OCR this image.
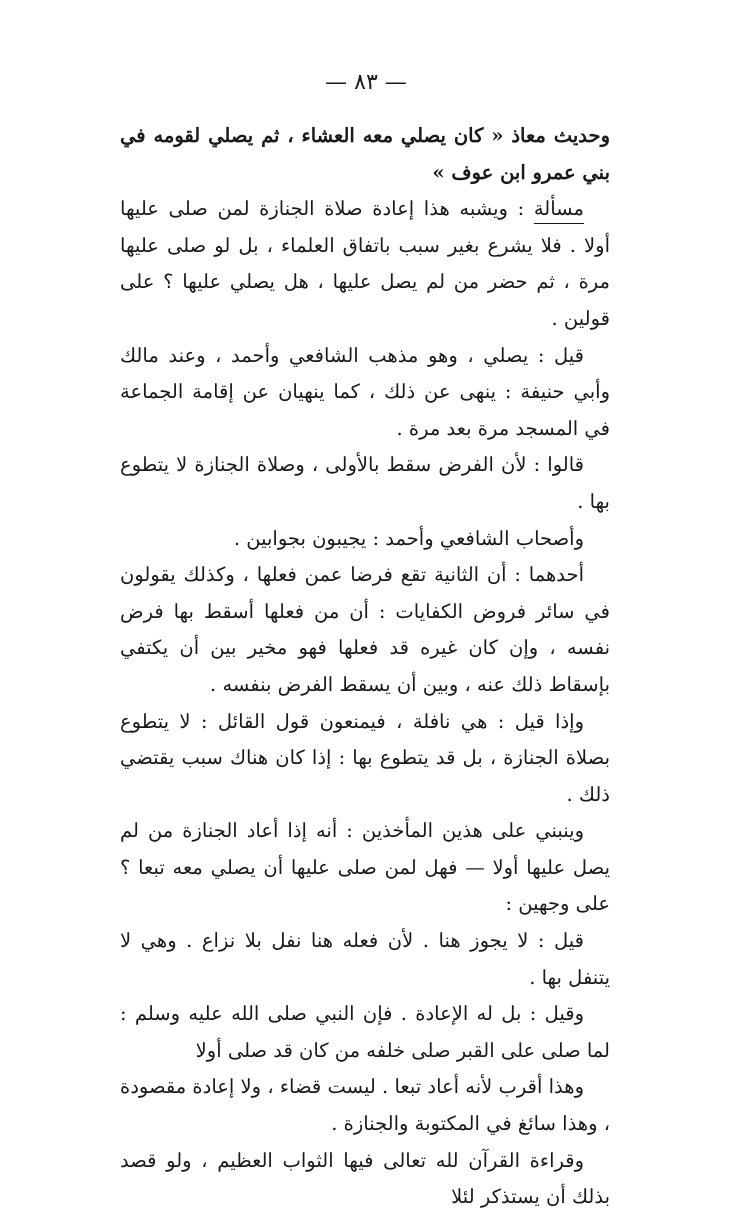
— ٨٣ —

وحديث معاذ « كان يصلي معه العشاء ، ثم يصلي لقومه في بني عمرو ابن عوف »

مسألة : ويشبه هذا إعادة صلاة الجنازة لمن صلى عليها أولا . فلا يشرع بغير سبب باتفاق العلماء ، بل لو صلى عليها مرة ، ثم حضر من لم يصل عليها ، هل يصلي عليها ؟ على قولين .

قيل : يصلي ، وهو مذهب الشافعي وأحمد ، وعند مالك وأبي حنيفة : ينهى عن ذلك ، كما ينهيان عن إقامة الجماعة في المسجد مرة بعد مرة .

قالوا : لأن الفرض سقط بالأولى ، وصلاة الجنازة لا يتطوع بها .

وأصحاب الشافعي وأحمد : يجيبون بجوابين .

أحدهما : أن الثانية تقع فرضا عمن فعلها ، وكذلك يقولون في سائر فروض الكفايات : أن من فعلها أسقط بها فرض نفسه ، وإن كان غيره قد فعلها فهو مخير بين أن يكتفي بإسقاط ذلك عنه ، وبين أن يسقط الفرض بنفسه .

وإذا قيل : هي نافلة ، فيمنعون قول القائل : لا يتطوع بصلاة الجنازة ، بل قد يتطوع بها : إذا كان هناك سبب يقتضي ذلك .

وينبني على هذين المأخذين : أنه إذا أعاد الجنازة من لم يصل عليها أولا — فهل لمن صلى عليها أن يصلي معه تبعا ؟ على وجهين :

قيل : لا يجوز هنا . لأن فعله هنا نفل بلا نزاع . وهي لا يتنفل بها .

وقيل : بل له الإعادة . فإن النبي صلى الله عليه وسلم : لما صلى على القبر صلى خلفه من كان قد صلى أولا

وهذا أقرب لأنه أعاد تبعا . ليست قضاء ، ولا إعادة مقصودة ، وهذا سائغ في المكتوبة والجنازة .

وقراءة القرآن لله تعالى فيها الثواب العظيم ، ولو قصد بذلك أن يستذكر لئلا
